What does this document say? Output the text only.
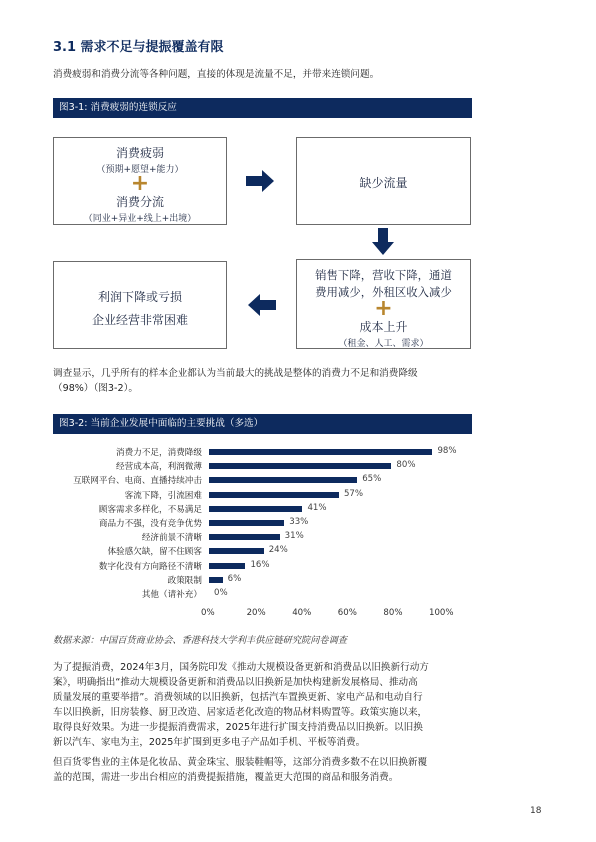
3.1 需求不足与提振覆盖有限
消费疲弱和消费分流等各种问题，直接的体现是流量不足，并带来连锁问题。
图3-1: 消费疲弱的连锁反应
消费疲弱
（预期+愿望+能力）
+
消费分流
（同业+异业+线上+出境）
缺少流量
利润下降或亏损
企业经营非常困难
销售下降，营收下降，通道
费用减少，外租区收入减少
+
成本上升
（租金、人工、需求）
调查显示，几乎所有的样本企业都认为当前最大的挑战是整体的消费力不足和消费降级
（98%）（图3-2）。
图3-2: 当前企业发展中面临的主要挑战（多选）
消费力不足，消费降级	98%
经营成本高，利润微薄	80%
互联网平台、电商、直播持续冲击	65%
客流下降，引流困难	57%
顾客需求多样化，不易满足	41%
商品力不强，没有竞争优势	33%
经济前景不清晰	31%
体验感欠缺，留不住顾客	24%
数字化没有方向路径不清晰	16%
政策限制	6%
其他（请补充） 0%
0%	20%	40%	60%	80%	100%
数据来源：中国百货商业协会、香港科技大学利丰供应链研究院问卷调查
为了提振消费，2024年3月，国务院印发《推动大规模设备更新和消费品以旧换新行动方
案》，明确指出“推动大规模设备更新和消费品以旧换新是加快构建新发展格局、推动高
质量发展的重要举措”。消费领域的以旧换新，包括汽车置换更新、家电产品和电动自行
车以旧换新，旧房装修、厨卫改造、居家适老化改造的物品材料购置等。政策实施以来，
取得良好效果。为进一步提振消费需求，2025年进行扩围支持消费品以旧换新。以旧换
新以汽车、家电为主，2025年扩围到更多电子产品如手机、平板等消费。
但百货零售业的主体是化妆品、黄金珠宝、服装鞋帽等，这部分消费多数不在以旧换新覆
盖的范围，需进一步出台相应的消费提振措施，覆盖更大范围的商品和服务消费。
18
